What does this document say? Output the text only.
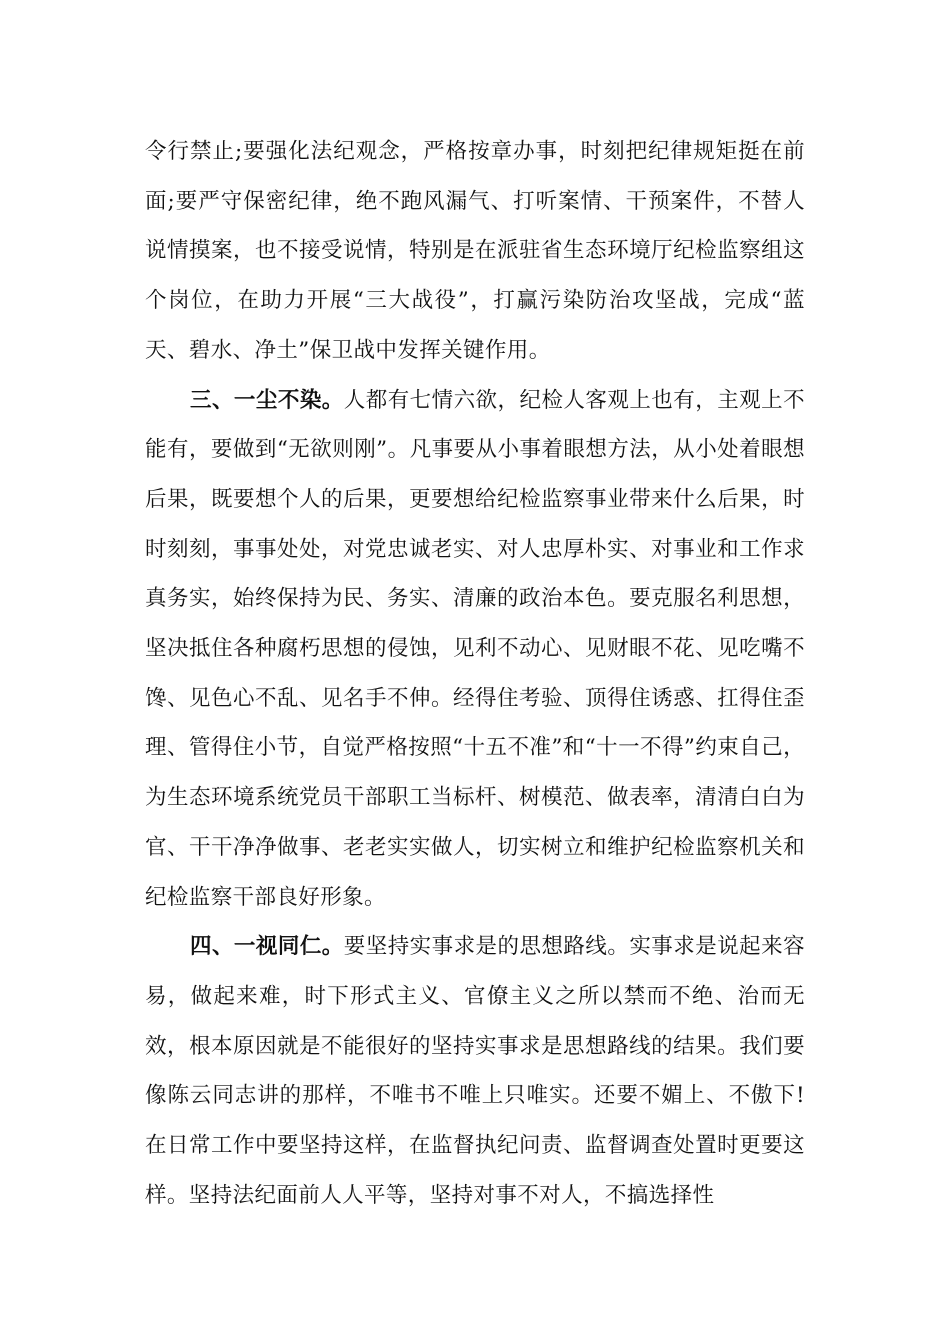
令行禁止;要强化法纪观念，严格按章办事，时刻把纪律规矩挺在前面;要严守保密纪律，绝不跑风漏气、打听案情、干预案件，不替人说情摸案，也不接受说情，特别是在派驻省生态环境厅纪检监察组这个岗位，在助力开展“三大战役”，打赢污染防治攻坚战，完成“蓝天、碧水、净土”保卫战中发挥关键作用。

三、一尘不染。人都有七情六欲，纪检人客观上也有，主观上不能有，要做到“无欲则刚”。凡事要从小事着眼想方法，从小处着眼想后果，既要想个人的后果，更要想给纪检监察事业带来什么后果，时时刻刻，事事处处，对党忠诚老实、对人忠厚朴实、对事业和工作求真务实，始终保持为民、务实、清廉的政治本色。要克服名利思想，坚决抵住各种腐朽思想的侵蚀，见利不动心、见财眼不花、见吃嘴不馋、见色心不乱、见名手不伸。经得住考验、顶得住诱惑、扛得住歪理、管得住小节，自觉严格按照“十五不准”和“十一不得”约束自己，为生态环境系统党员干部职工当标杆、树模范、做表率，清清白白为官、干干净净做事、老老实实做人，切实树立和维护纪检监察机关和纪检监察干部良好形象。

四、一视同仁。要坚持实事求是的思想路线。实事求是说起来容易，做起来难，时下形式主义、官僚主义之所以禁而不绝、治而无效，根本原因就是不能很好的坚持实事求是思想路线的结果。我们要像陈云同志讲的那样，不唯书不唯上只唯实。还要不媚上、不傲下!在日常工作中要坚持这样，在监督执纪问责、监督调查处置时更要这样。坚持法纪面前人人平等，坚持对事不对人，不搞选择性
